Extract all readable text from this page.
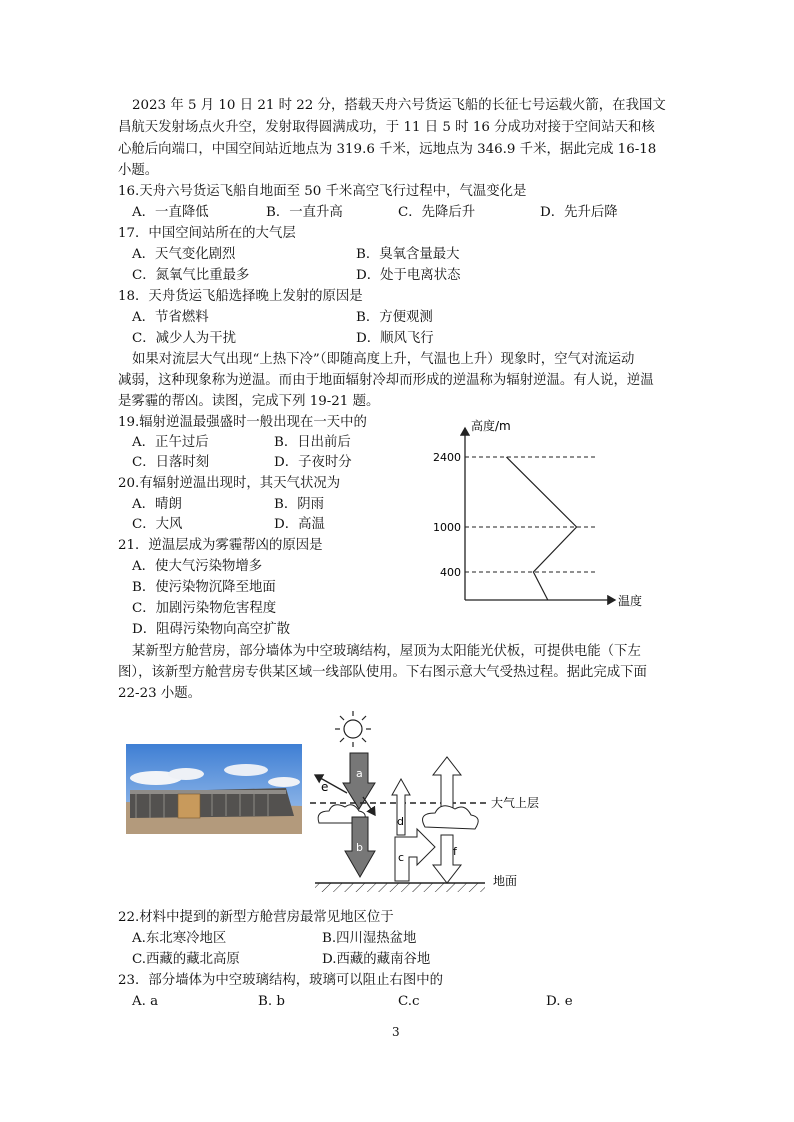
2023 年 5 月 10 日 21 时 22 分，搭载天舟六号货运飞船的长征七号运载火箭，在我国文
昌航天发射场点火升空，发射取得圆满成功，于 11 日 5 时 16 分成功对接于空间站天和核
心舱后向端口，中国空间站近地点为 319.6 千米，远地点为 346.9 千米，据此完成 16-18
小题。
16.天舟六号货运飞船自地面至 50 千米高空飞行过程中，气温变化是
A．一直降低	B．一直升高	C．先降后升	D．先升后降
17．中国空间站所在的大气层
A．天气变化剧烈	B．臭氧含量最大
C．氮氧气比重最多	D．处于电离状态
18．天舟货运飞船选择晚上发射的原因是
A．节省燃料	B．方便观测
C．减少人为干扰	D．顺风飞行
如果对流层大气出现“上热下冷”（即随高度上升，气温也上升）现象时，空气对流运动
减弱，这种现象称为逆温。而由于地面辐射冷却而形成的逆温称为辐射逆温。有人说，逆温
是雾霾的帮凶。读图，完成下列 19-21 题。
19.辐射逆温最强盛时一般出现在一天中的
A．正午过后	B．日出前后
C．日落时刻	D．子夜时分
20.有辐射逆温出现时，其天气状况为
A．晴朗	B．阴雨
C．大风	D．高温
21．逆温层成为雾霾帮凶的原因是
A．使大气污染物增多
B．使污染物沉降至地面
C．加剧污染物危害程度
D．阻碍污染物向高空扩散
高度/m
温度
2400
1000
400
某新型方舱营房，部分墙体为中空玻璃结构，屋顶为太阳能光伏板，可提供电能（下左
图），该新型方舱营房专供某区域一线部队使用。下右图示意大气受热过程。据此完成下面
22-23 小题。
a
e
大气上层
b
d
c	f
地面
22.材料中提到的新型方舱营房最常见地区位于
A.东北寒冷地区	B.四川湿热盆地
C.西藏的藏北高原	D.西藏的藏南谷地
23．部分墙体为中空玻璃结构，玻璃可以阻止右图中的
A. a	B. b	C.c	D. e
3
